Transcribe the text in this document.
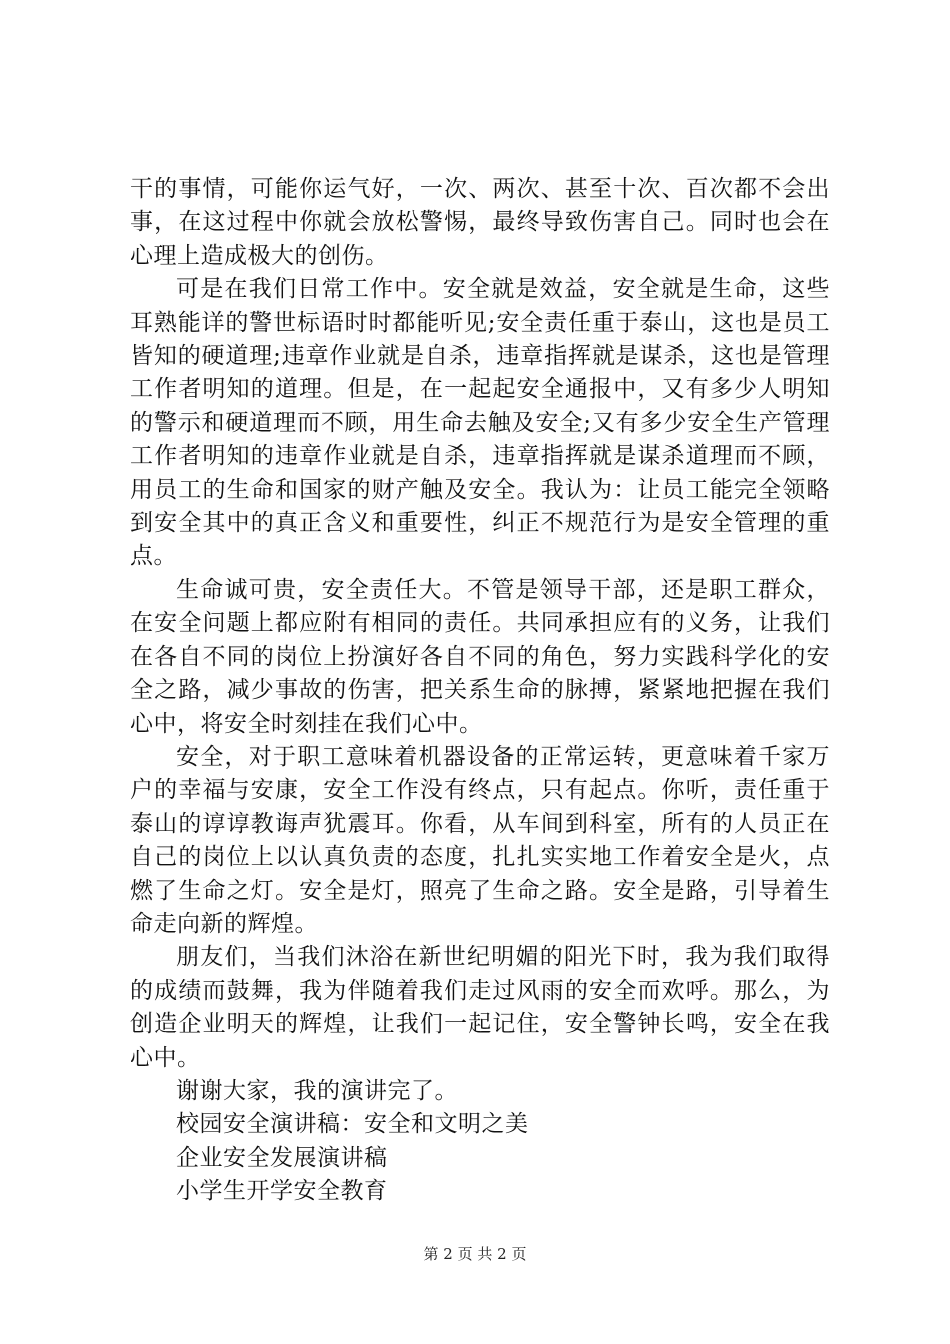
干的事情，可能你运气好，一次、两次、甚至十次、百次都不会出事，在这过程中你就会放松警惕，最终导致伤害自己。同时也会在心理上造成极大的创伤。

可是在我们日常工作中。安全就是效益，安全就是生命，这些耳熟能详的警世标语时时都能听见;安全责任重于泰山，这也是员工皆知的硬道理;违章作业就是自杀，违章指挥就是谋杀，这也是管理工作者明知的道理。但是，在一起起安全通报中，又有多少人明知的警示和硬道理而不顾，用生命去触及安全;又有多少安全生产管理工作者明知的违章作业就是自杀，违章指挥就是谋杀道理而不顾，用员工的生命和国家的财产触及安全。我认为：让员工能完全领略到安全其中的真正含义和重要性，纠正不规范行为是安全管理的重点。

生命诚可贵，安全责任大。不管是领导干部，还是职工群众，在安全问题上都应附有相同的责任。共同承担应有的义务，让我们在各自不同的岗位上扮演好各自不同的角色，努力实践科学化的安全之路，减少事故的伤害，把关系生命的脉搏，紧紧地把握在我们心中，将安全时刻挂在我们心中。

安全，对于职工意味着机器设备的正常运转，更意味着千家万户的幸福与安康，安全工作没有终点，只有起点。你听，责任重于泰山的谆谆教诲声犹震耳。你看，从车间到科室，所有的人员正在自己的岗位上以认真负责的态度，扎扎实实地工作着安全是火，点燃了生命之灯。安全是灯，照亮了生命之路。安全是路，引导着生命走向新的辉煌。

朋友们，当我们沐浴在新世纪明媚的阳光下时，我为我们取得的成绩而鼓舞，我为伴随着我们走过风雨的安全而欢呼。那么，为创造企业明天的辉煌，让我们一起记住，安全警钟长鸣，安全在我心中。

谢谢大家，我的演讲完了。

校园安全演讲稿：安全和文明之美

企业安全发展演讲稿

小学生开学安全教育

第 2 页 共 2 页
